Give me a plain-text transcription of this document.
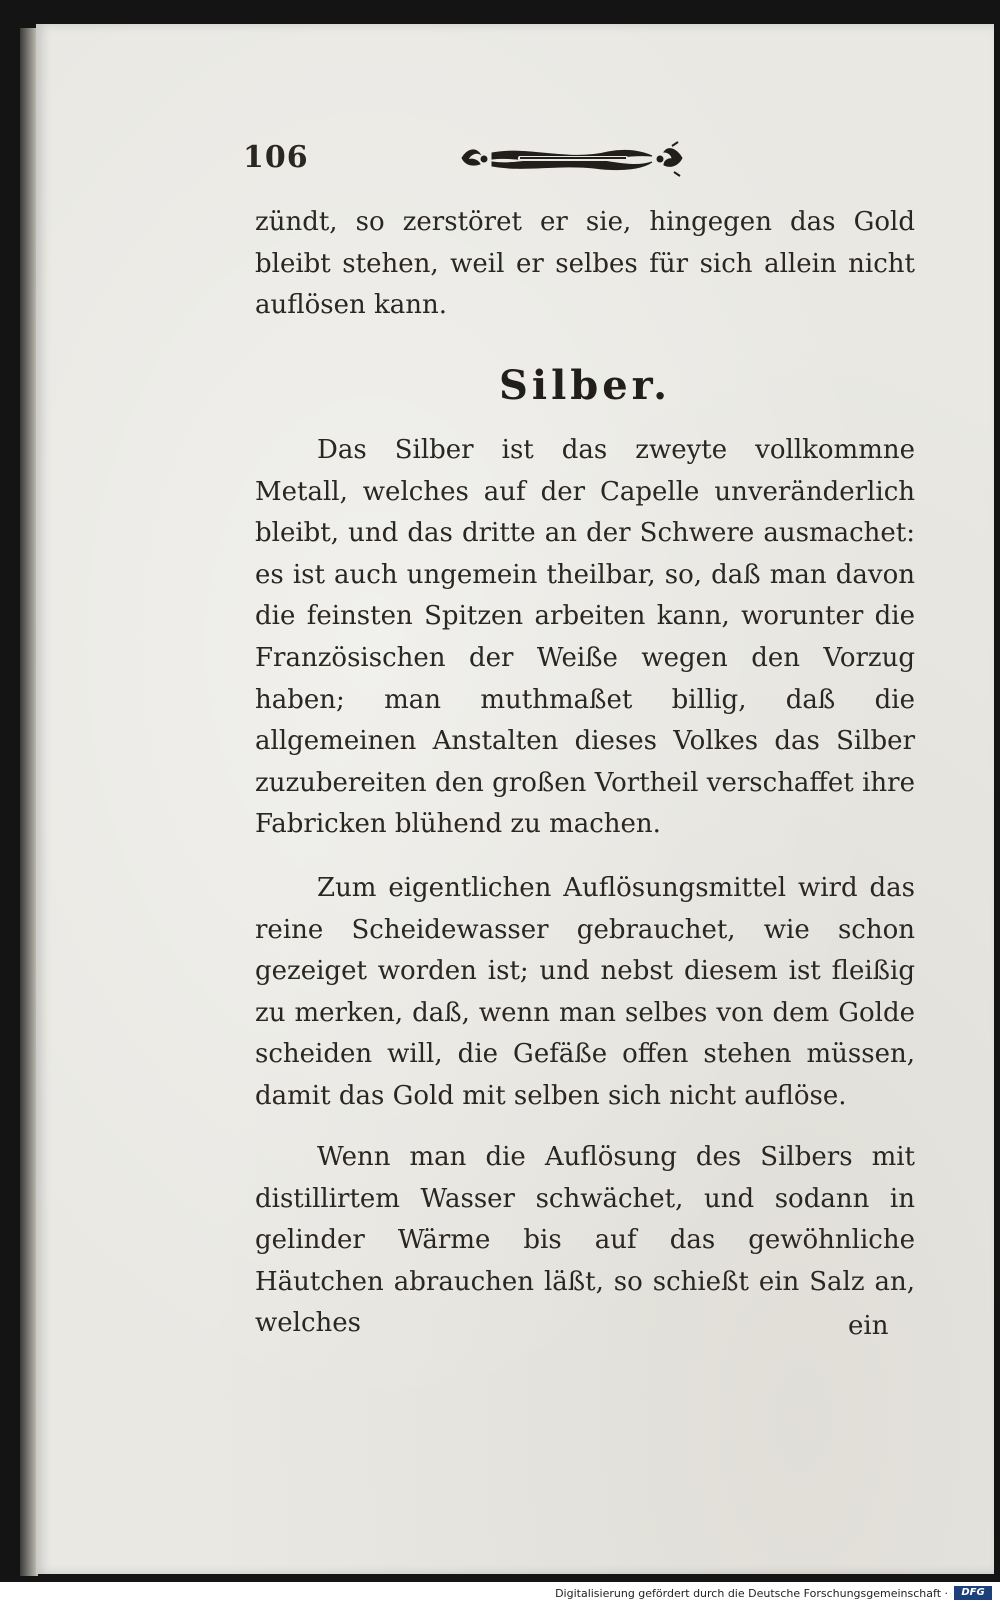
106

zündt, so zerstöret er sie, hingegen das Gold bleibt stehen, weil er selbes für sich allein nicht auflösen kann.

Silber.

Das Silber ist das zweyte vollkommne Metall, welches auf der Capelle unveränderlich bleibt, und das dritte an der Schwere ausmachet: es ist auch ungemein theilbar, so, daß man davon die feinsten Spitzen arbeiten kann, worunter die Französischen der Weiße wegen den Vorzug haben; man muthmaßet billig, daß die allgemeinen Anstalten dieses Volkes das Silber zuzubereiten den großen Vortheil verschaffet ihre Fabricken blühend zu machen.

Zum eigentlichen Auflösungsmittel wird das reine Scheidewasser gebrauchet, wie schon gezeiget worden ist; und nebst diesem ist fleißig zu merken, daß, wenn man selbes von dem Golde scheiden will, die Gefäße offen stehen müssen, damit das Gold mit selben sich nicht auflöse.

Wenn man die Auflösung des Silbers mit distillirtem Wasser schwächet, und sodann in gelinder Wärme bis auf das gewöhnliche Häutchen abrauchen läßt, so schießt ein Salz an, welches	ein
Digitalisierung gefördert durch die Deutsche Forschungsgemeinschaft ·	DFG
